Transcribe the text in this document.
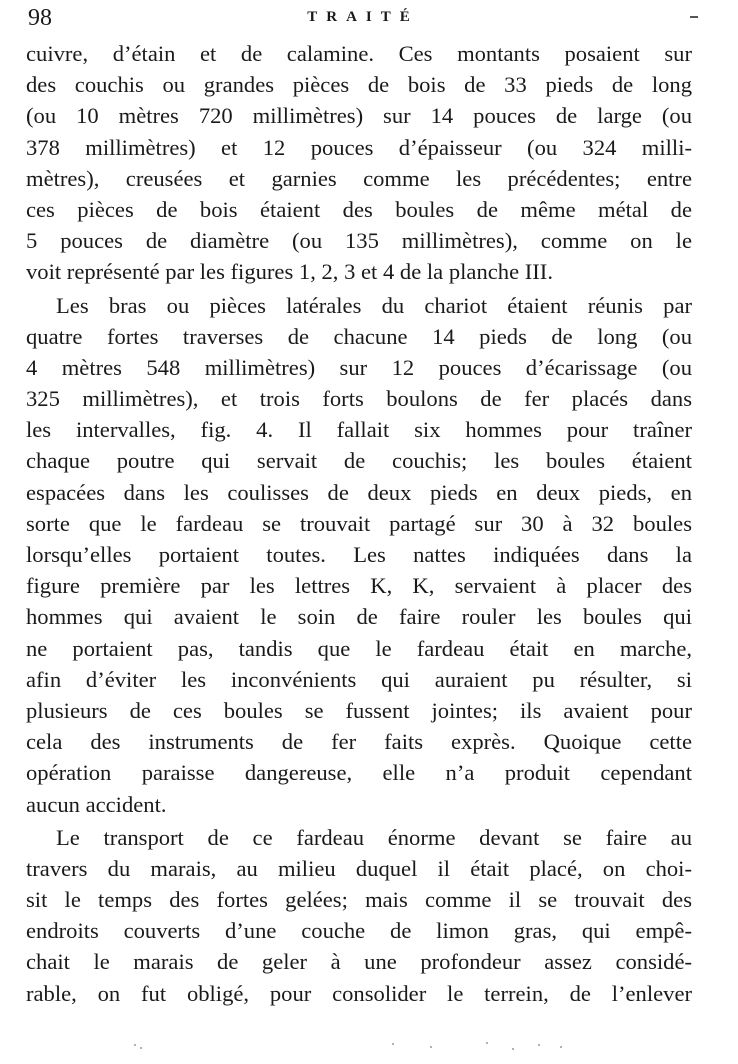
98	TRAITÉ
cuivre, d’étain et de calamine. Ces montants posaient sur
des couchis ou grandes pièces de bois de 33 pieds de long
(ou 10 mètres 720 millimètres) sur 14 pouces de large (ou
378 millimètres) et 12 pouces d’épaisseur (ou 324 milli-
mètres), creusées et garnies comme les précédentes; entre
ces pièces de bois étaient des boules de même métal de
5 pouces de diamètre (ou 135 millimètres), comme on le
voit représenté par les figures 1, 2, 3 et 4 de la planche III.
Les bras ou pièces latérales du chariot étaient réunis par
quatre fortes traverses de chacune 14 pieds de long (ou
4 mètres 548 millimètres) sur 12 pouces d’écarissage (ou
325 millimètres), et trois forts boulons de fer placés dans
les intervalles, fig. 4. Il fallait six hommes pour traîner
chaque poutre qui servait de couchis; les boules étaient
espacées dans les coulisses de deux pieds en deux pieds, en
sorte que le fardeau se trouvait partagé sur 30 à 32 boules
lorsqu’elles portaient toutes. Les nattes indiquées dans la
figure première par les lettres K, K, servaient à placer des
hommes qui avaient le soin de faire rouler les boules qui
ne portaient pas, tandis que le fardeau était en marche,
afin d’éviter les inconvénients qui auraient pu résulter, si
plusieurs de ces boules se fussent jointes; ils avaient pour
cela des instruments de fer faits exprès. Quoique cette
opération paraisse dangereuse, elle n’a produit cependant
aucun accident.
Le transport de ce fardeau énorme devant se faire au
travers du marais, au milieu duquel il était placé, on choi-
sit le temps des fortes gelées; mais comme il se trouvait des
endroits couverts d’une couche de limon gras, qui empê-
chait le marais de geler à une profondeur assez considé-
rable, on fut obligé, pour consolider le terrein, de l’enlever
